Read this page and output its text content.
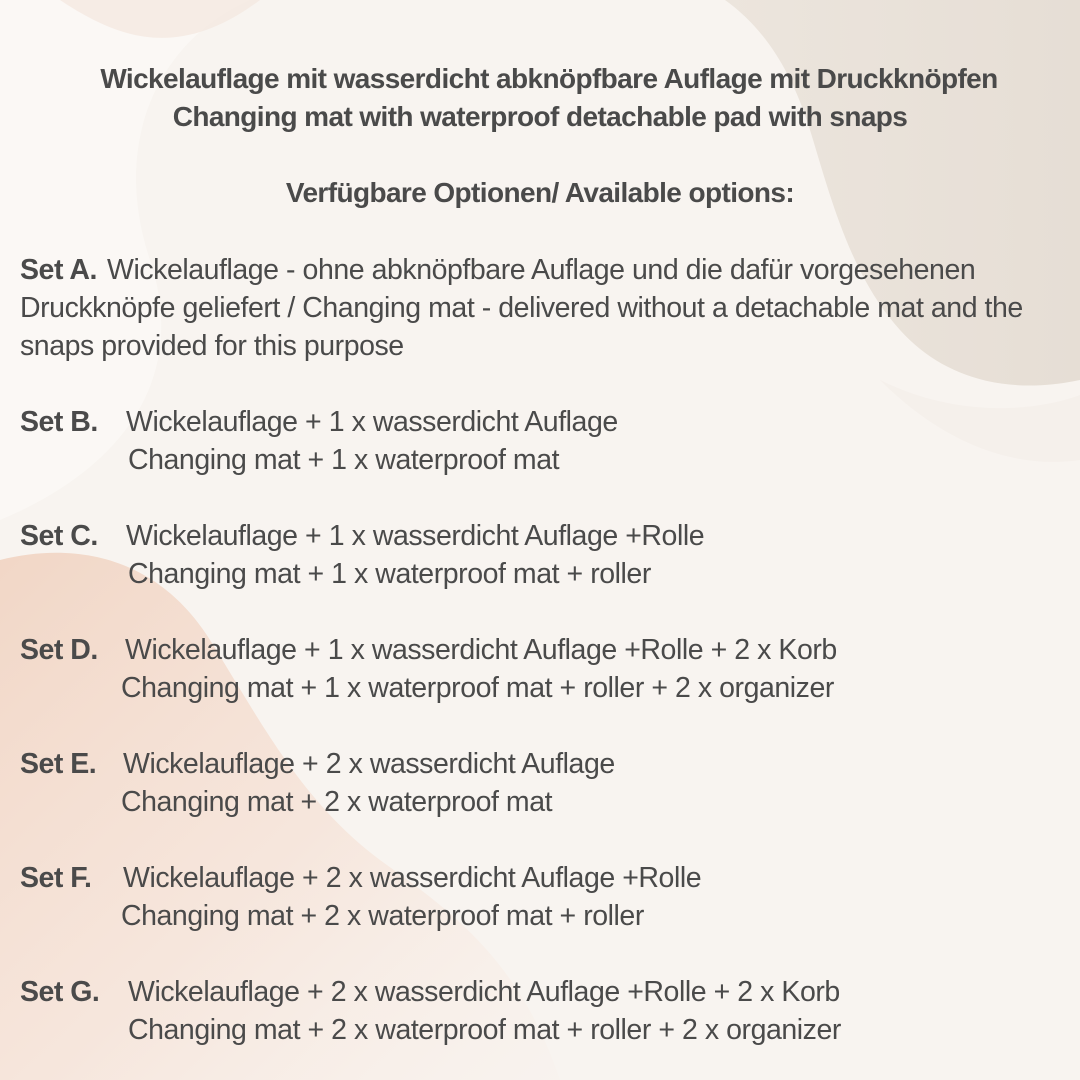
Wickelauflage mit wasserdicht abknöpfbare Auflage mit Druckknöpfen
Changing mat with waterproof detachable pad with snaps
Verfügbare Optionen/ Available options:

Set A. Wickelauflage - ohne abknöpfbare Auflage und die dafür vorgesehenen Druckknöpfe geliefert / Changing mat - delivered without a detachable mat and the snaps provided for this purpose

Set B. Wickelauflage + 1 x wasserdicht Auflage
Changing mat + 1 x waterproof mat
Set C. Wickelauflage + 1 x wasserdicht Auflage +Rolle
Changing mat + 1 x waterproof mat + roller
Set D. Wickelauflage + 1 x wasserdicht Auflage +Rolle + 2 x Korb
Changing mat + 1 x waterproof mat + roller + 2 x organizer
Set E. Wickelauflage + 2 x wasserdicht Auflage
Changing mat + 2 x waterproof mat
Set F. Wickelauflage + 2 x wasserdicht Auflage +Rolle
Changing mat + 2 x waterproof mat + roller
Set G. Wickelauflage + 2 x wasserdicht Auflage +Rolle + 2 x Korb
Changing mat + 2 x waterproof mat + roller + 2 x organizer
